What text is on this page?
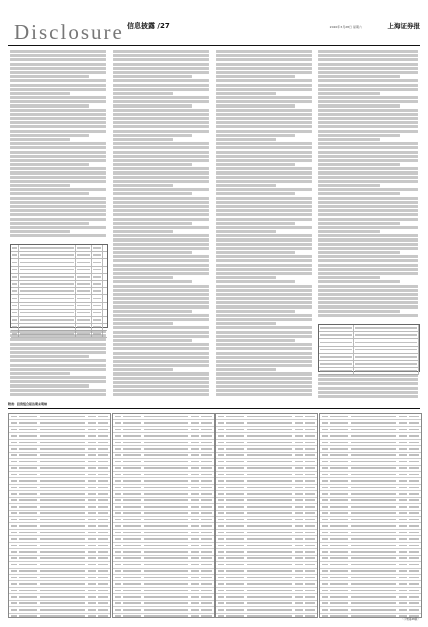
Disclosure 信息披露 /27	2020年3月28日 星期六	上海证券报
附表：投资组合报告期末明细
（下转第28版）
